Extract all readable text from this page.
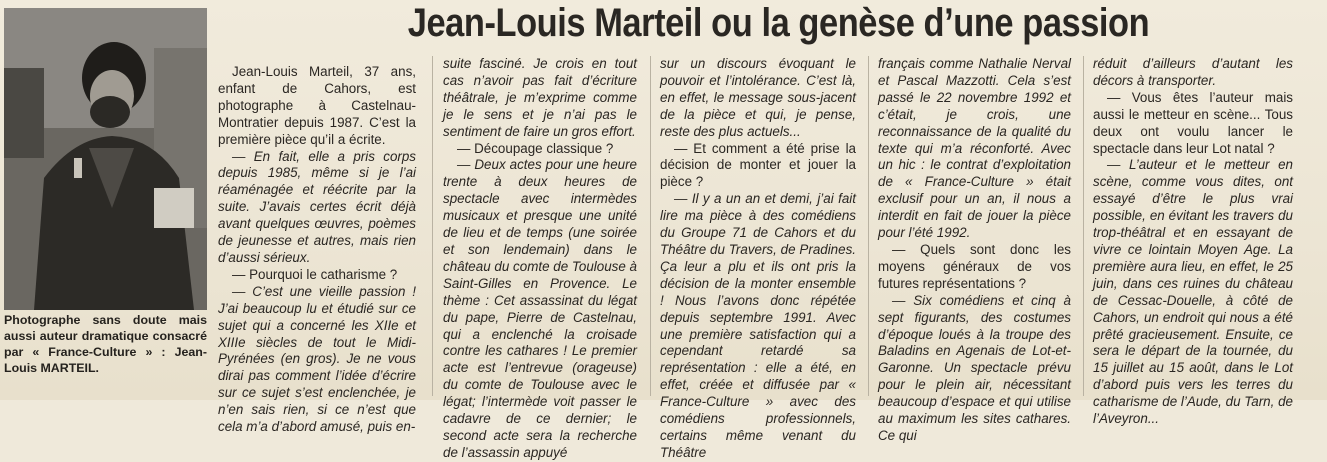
Jean-Louis Marteil ou la genèse d’une passion
Photographe sans doute mais aussi auteur dramatique consacré par « France-Culture » : Jean-Louis MARTEIL.

Jean-Louis Marteil, 37 ans, enfant de Cahors, est photographe à Castelnau-Montratier depuis 1987. C’est la première pièce qu’il a écrite.

— En fait, elle a pris corps depuis 1985, même si je l’ai réaménagée et réécrite par la suite. J’avais certes écrit déjà avant quelques œuvres, poèmes de jeunesse et autres, mais rien d’aussi sérieux.

— Pourquoi le catharisme ?

— C’est une vieille passion ! J’ai beaucoup lu et étudié sur ce sujet qui a concerné les XIIe et XIIIe siècles de tout le Midi-Pyrénées (en gros). Je ne vous dirai pas comment l’idée d’écrire sur ce sujet s’est enclenchée, je n’en sais rien, si ce n’est que cela m’a d’abord amusé, puis en-

suite fasciné. Je crois en tout cas n’avoir pas fait d’écriture théâtrale, je m’exprime comme je le sens et je n’ai pas le sentiment de faire un gros effort.

— Découpage classique ?

— Deux actes pour une heure trente à deux heures de spectacle avec intermèdes musicaux et presque une unité de lieu et de temps (une soirée et son lendemain) dans le château du comte de Toulouse à Saint-Gilles en Provence. Le thème : Cet assassinat du légat du pape, Pierre de Castelnau, qui a enclenché la croisade contre les cathares ! Le premier acte est l’entrevue (orageuse) du comte de Toulouse avec le légat; l’intermède voit passer le cadavre de ce dernier; le second acte sera la recherche de l’assassin appuyé

sur un discours évoquant le pouvoir et l’intolérance. C’est là, en effet, le message sous-jacent de la pièce et qui, je pense, reste des plus actuels...

— Et comment a été prise la décision de monter et jouer la pièce ?

— Il y a un an et demi, j’ai fait lire ma pièce à des comédiens du Groupe 71 de Cahors et du Théâtre du Travers, de Pradines. Ça leur a plu et ils ont pris la décision de la monter ensemble ! Nous l’avons donc répétée depuis septembre 1991. Avec une première satisfaction qui a cependant retardé sa représentation : elle a été, en effet, créée et diffusée par « France-Culture » avec des comédiens professionnels, certains même venant du Théâtre

français comme Nathalie Nerval et Pascal Mazzotti. Cela s’est passé le 22 novembre 1992 et c’était, je crois, une reconnaissance de la qualité du texte qui m’a réconforté. Avec un hic : le contrat d’exploitation de « France-Culture » était exclusif pour un an, il nous a interdit en fait de jouer la pièce pour l’été 1992.

— Quels sont donc les moyens généraux de vos futures représentations ?

— Six comédiens et cinq à sept figurants, des costumes d’époque loués à la troupe des Baladins en Agenais de Lot-et-Garonne. Un spectacle prévu pour le plein air, nécessitant beaucoup d’espace et qui utilise au maximum les sites cathares. Ce qui

réduit d’ailleurs d’autant les décors à transporter.

— Vous êtes l’auteur mais aussi le metteur en scène... Tous deux ont voulu lancer le spectacle dans leur Lot natal ?

— L’auteur et le metteur en scène, comme vous dites, ont essayé d’être le plus vrai possible, en évitant les travers du trop-théâtral et en essayant de vivre ce lointain Moyen Age. La première aura lieu, en effet, le 25 juin, dans ces ruines du château de Cessac-Douelle, à côté de Cahors, un endroit qui nous a été prêté gracieusement. Ensuite, ce sera le départ de la tournée, du 15 juillet au 15 août, dans le Lot d’abord puis vers les terres du catharisme de l’Aude, du Tarn, de l’Aveyron...
